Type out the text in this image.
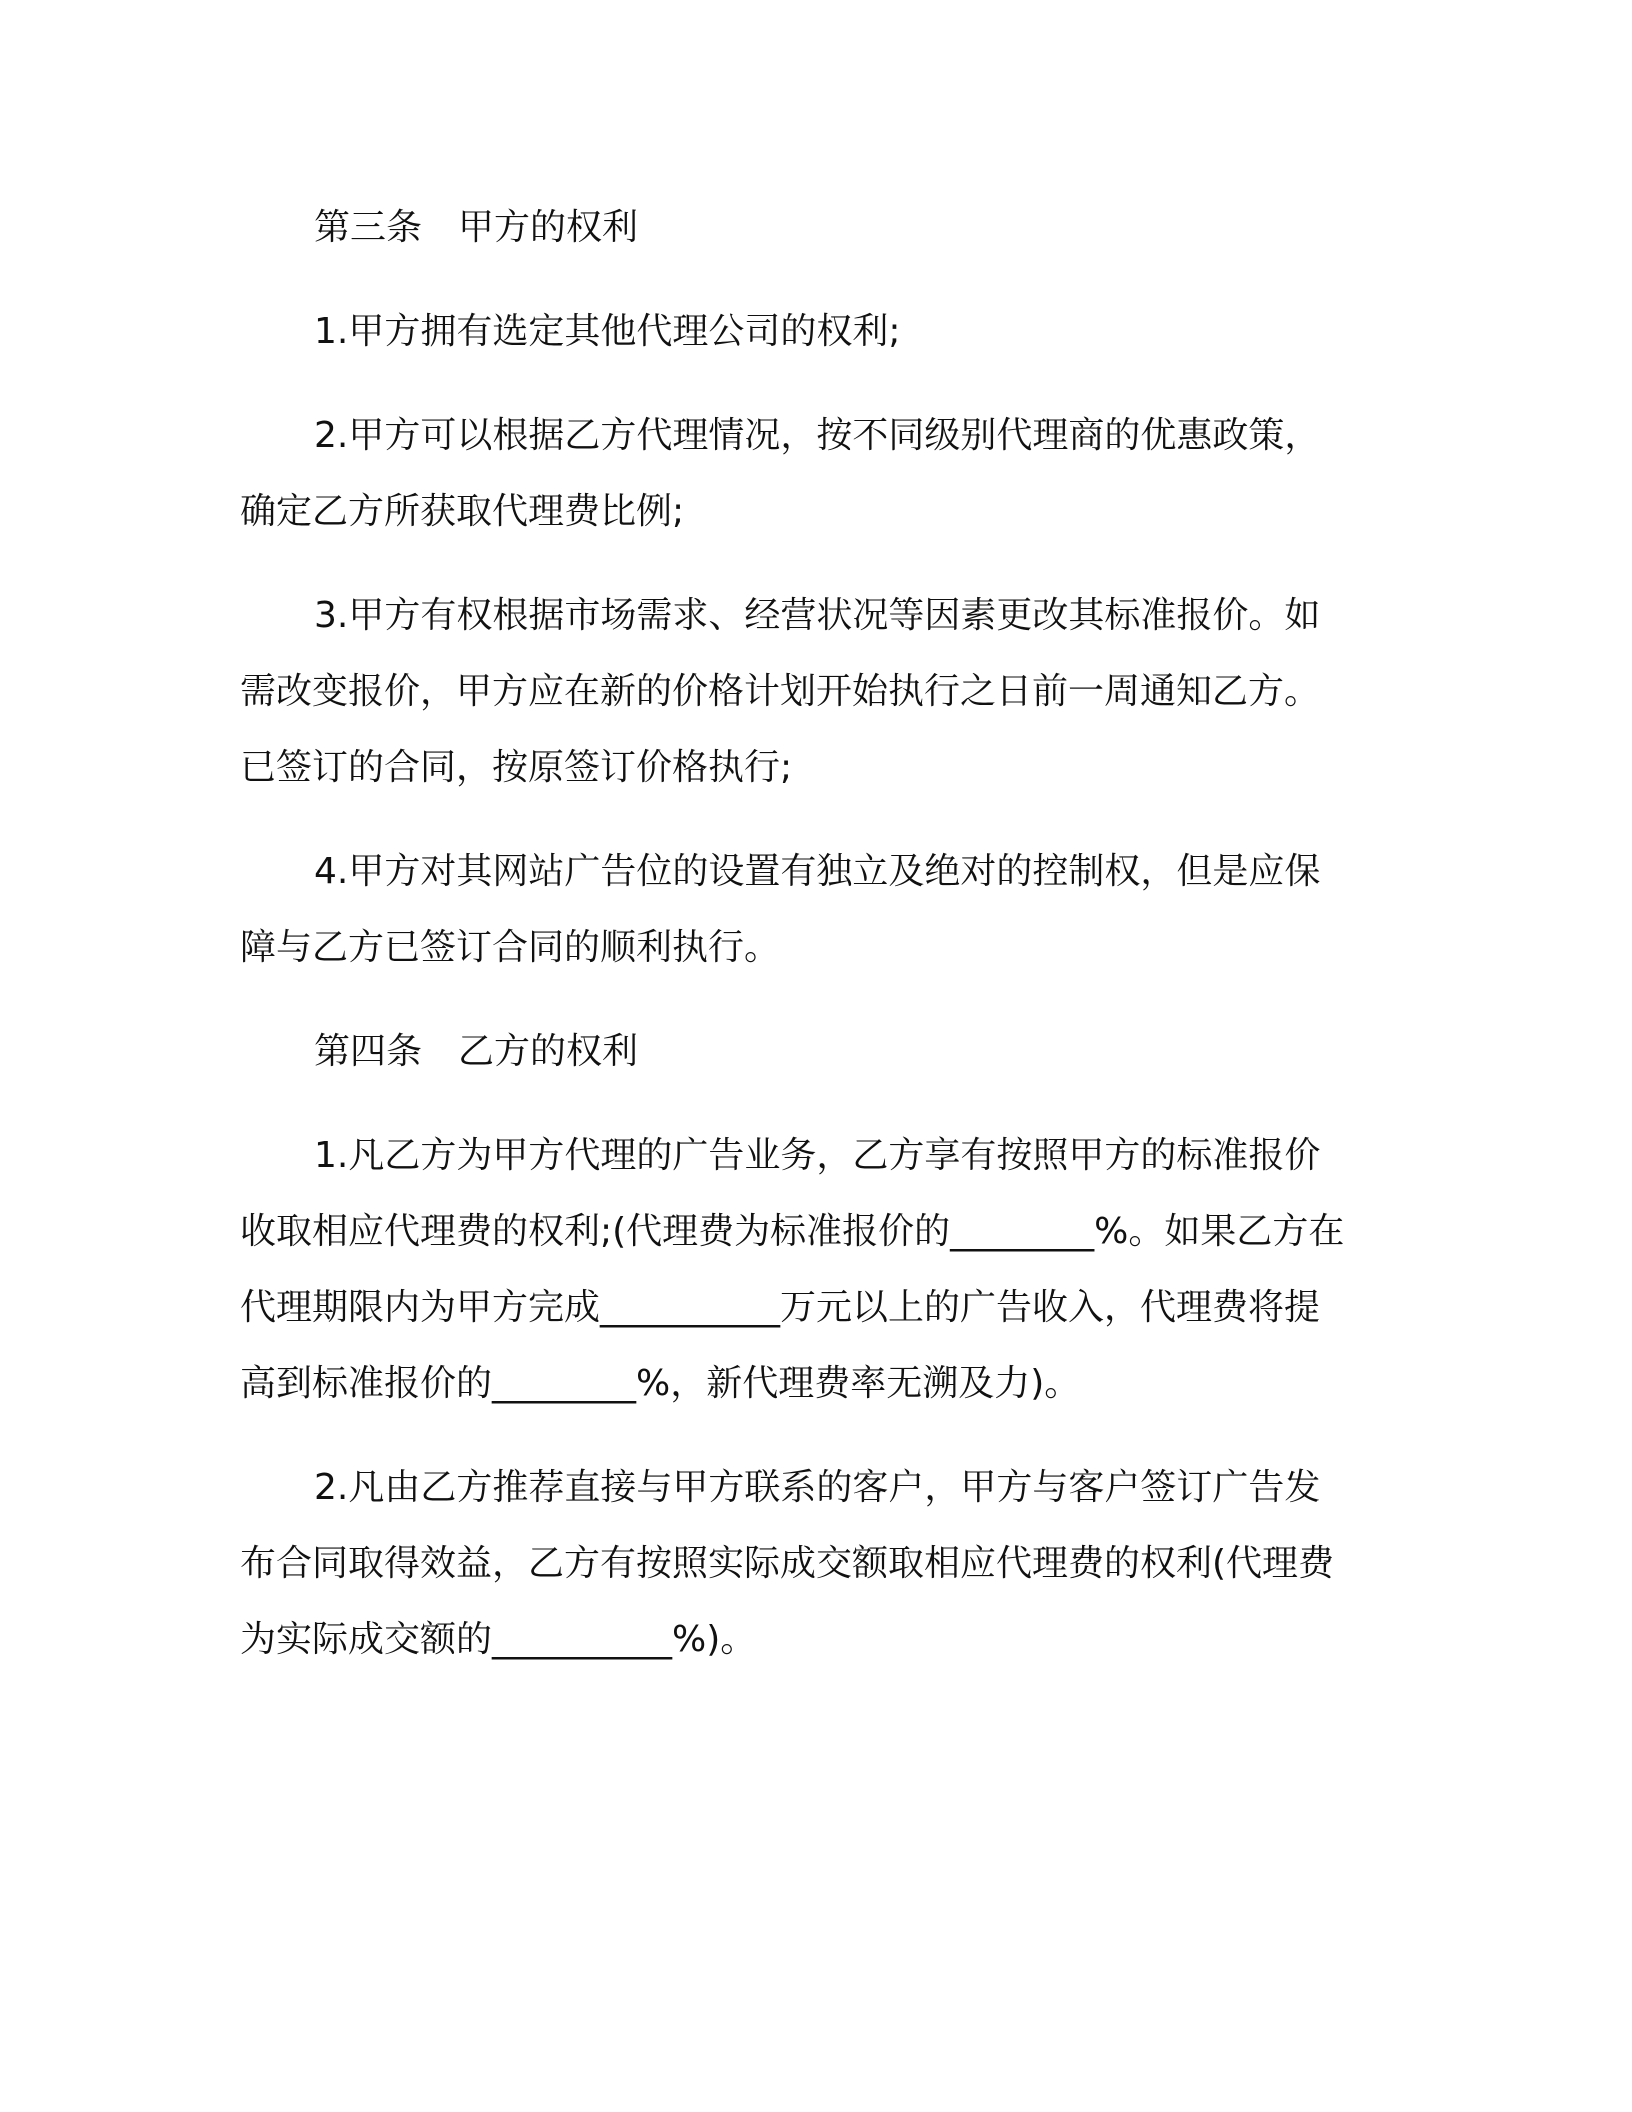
第三条　甲方的权利

1.甲方拥有选定其他代理公司的权利;

2.甲方可以根据乙方代理情况，按不同级别代理商的优惠政策，

确定乙方所获取代理费比例;

3.甲方有权根据市场需求、经营状况等因素更改其标准报价。如

需改变报价，甲方应在新的价格计划开始执行之日前一周通知乙方。

已签订的合同，按原签订价格执行;

4.甲方对其网站广告位的设置有独立及绝对的控制权，但是应保

障与乙方已签订合同的顺利执行。

第四条　乙方的权利

1.凡乙方为甲方代理的广告业务，乙方享有按照甲方的标准报价

收取相应代理费的权利;(代理费为标准报价的________%。如果乙方在

代理期限内为甲方完成__________万元以上的广告收入，代理费将提

高到标准报价的________%，新代理费率无溯及力)。

2.凡由乙方推荐直接与甲方联系的客户，甲方与客户签订广告发

布合同取得效益，乙方有按照实际成交额取相应代理费的权利(代理费

为实际成交额的__________%)。
